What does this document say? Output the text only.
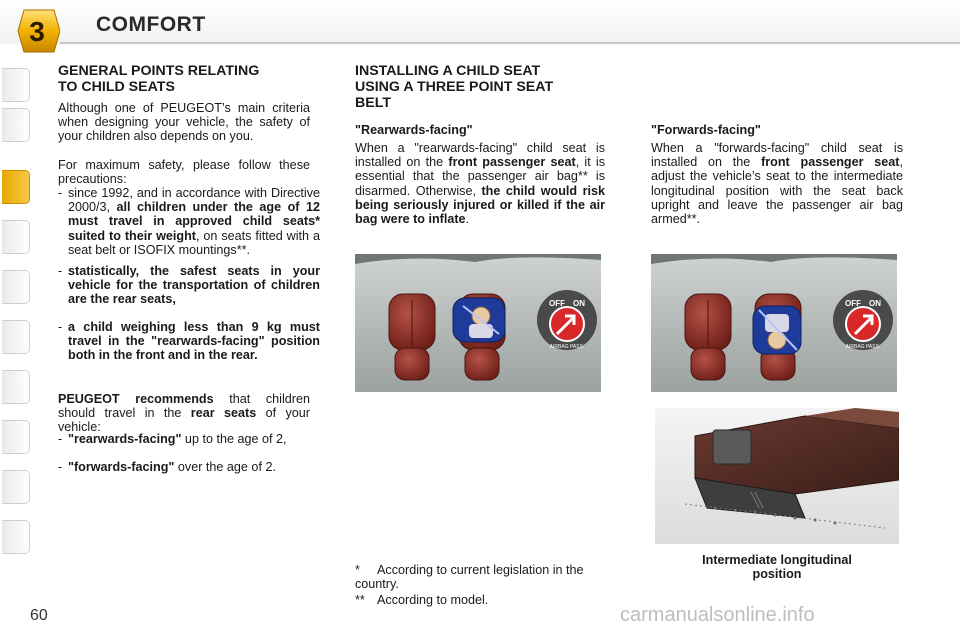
3 COMFORT
60
GENERAL POINTS RELATING
TO CHILD SEATS

Although one of PEUGEOT’s main criteria when designing your vehicle, the safety of your children also depends on you.

For maximum safety, please follow these precautions:

- since 1992, and in accordance with Directive 2000/3, all children under the age of 12 must travel in approved child seats* suited to their weight, on seats fitted with a seat belt or ISOFIX mountings**.
- statistically, the safest seats in your vehicle for the transportation of children are the rear seats,
- a child weighing less than 9 kg must travel in the "rearwards-facing" position both in the front and in the rear.

PEUGEOT recommends that children should travel in the rear seats of your vehicle:

- "rearwards-facing" up to the age of 2,
- "forwards-facing" over the age of 2.
INSTALLING A CHILD SEAT
USING A THREE POINT SEAT
BELT

"Rearwards-facing"

When a "rearwards-facing" child seat is installed on the front passenger seat, it is essential that the passenger air bag** is disarmed. Otherwise, the child would risk being seriously injured or killed if the air bag were to inflate.

OFF ON
AIRBAG PASS.

* According to current legislation in the country.

** According to model.

"Forwards-facing"

When a "forwards-facing" child seat is installed on the front passenger seat, adjust the vehicle’s seat to the intermediate longitudinal position with the seat back upright and leave the passenger air bag armed**.

OFF ON
AIRBAG PASS.
Intermediate longitudinal
position
carmanualsonline.info
